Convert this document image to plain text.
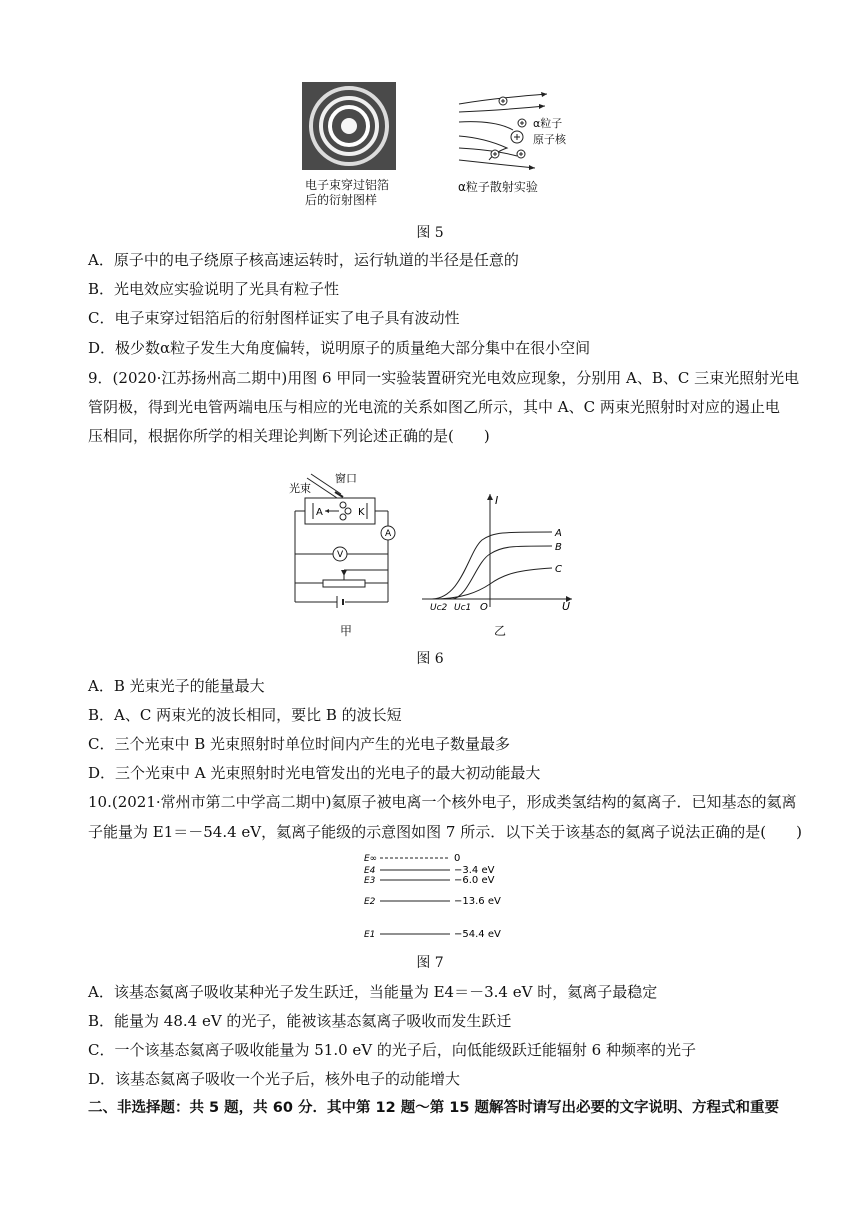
电子束穿过铝箔
后的衍射图样
α粒子
原子核
α粒子散射实验
图 5
A．原子中的电子绕原子核高速运转时，运行轨道的半径是任意的
B．光电效应实验说明了光具有粒子性
C．电子束穿过铝箔后的衍射图样证实了电子具有波动性
D．极少数α粒子发生大角度偏转，说明原子的质量绝大部分集中在很小空间
9．(2020·江苏扬州高二期中)用图 6 甲同一实验装置研究光电效应现象，分别用 A、B、C 三束光照射光电
管阴极，得到光电管两端电压与相应的光电流的关系如图乙所示，其中 A、C 两束光照射时对应的遏止电
压相同，根据你所学的相关理论判断下列论述正确的是(　　)
A	K
A
V
光束
窗口
甲
I
U
O
Uc2 Uc1
A
B
C
乙
图 6
A．B 光束光子的能量最大
B．A、C 两束光的波长相同，要比 B 的波长短
C．三个光束中 B 光束照射时单位时间内产生的光电子数量最多
D．三个光束中 A 光束照射时光电管发出的光电子的最大初动能最大
10.(2021·常州市第二中学高二期中)氦原子被电离一个核外电子，形成类氢结构的氦离子．已知基态的氦离
子能量为 E1＝－54.4 eV，氦离子能级的示意图如图 7 所示．以下关于该基态的氦离子说法正确的是(　　)
E∞
E4
E3
E2
E1
0
−3.4 eV
−6.0 eV
−13.6 eV
−54.4 eV
图 7
A．该基态氦离子吸收某种光子发生跃迁，当能量为 E4＝－3.4 eV 时，氦离子最稳定
B．能量为 48.4 eV 的光子，能被该基态氦离子吸收而发生跃迁
C．一个该基态氦离子吸收能量为 51.0 eV 的光子后，向低能级跃迁能辐射 6 种频率的光子
D．该基态氦离子吸收一个光子后，核外电子的动能增大
二、非选择题：共 5 题，共 60 分．其中第 12 题～第 15 题解答时请写出必要的文字说明、方程式和重要
